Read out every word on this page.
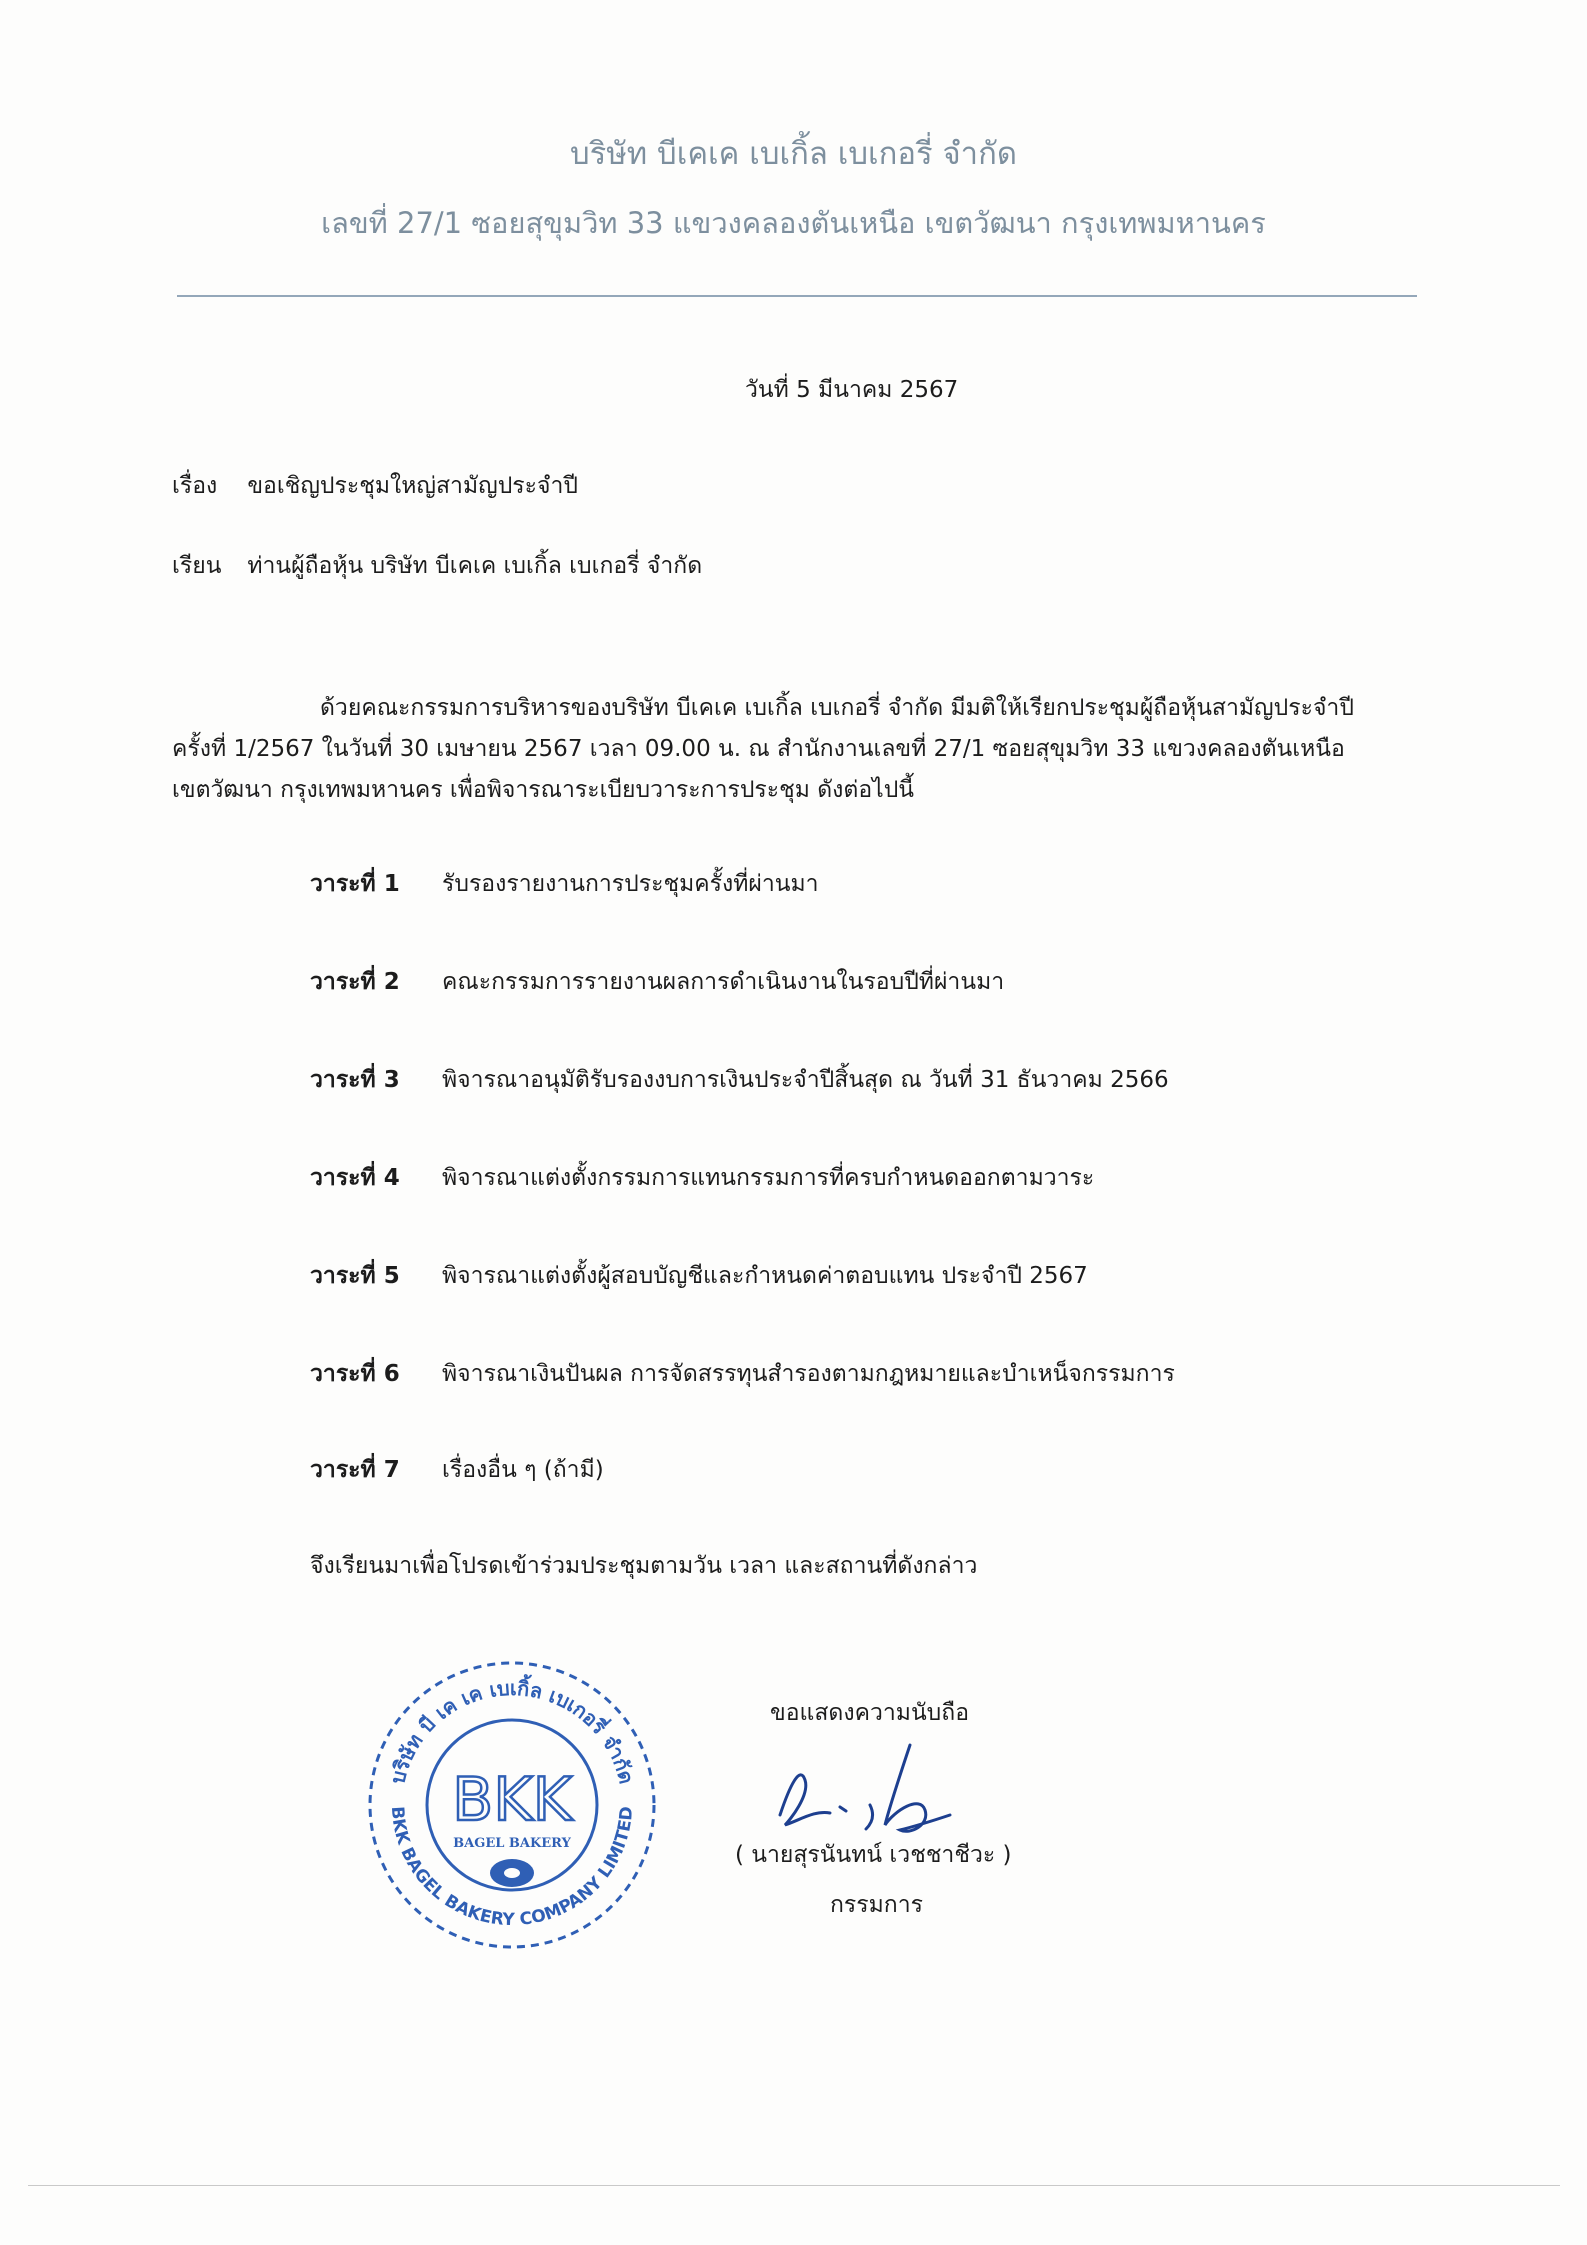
บริษัท บีเคเค เบเกิ้ล เบเกอรี่ จำกัด
เลขที่ 27/1 ซอยสุขุมวิท 33 แขวงคลองตันเหนือ เขตวัฒนา กรุงเทพมหานคร
วันที่ 5 มีนาคม 2567
เรื่อง ขอเชิญประชุมใหญ่สามัญประจำปี
เรียน ท่านผู้ถือหุ้น บริษัท บีเคเค เบเกิ้ล เบเกอรี่ จำกัด
ด้วยคณะกรรมการบริหารของบริษัท บีเคเค เบเกิ้ล เบเกอรี่ จำกัด มีมติให้เรียกประชุมผู้ถือหุ้นสามัญประจำปี
ครั้งที่ 1/2567 ในวันที่ 30 เมษายน 2567 เวลา 09.00 น. ณ สำนักงานเลขที่ 27/1 ซอยสุขุมวิท 33 แขวงคลองตันเหนือ
เขตวัฒนา กรุงเทพมหานคร เพื่อพิจารณาระเบียบวาระการประชุม ดังต่อไปนี้
วาระที่ 1 รับรองรายงานการประชุมครั้งที่ผ่านมา
วาระที่ 2 คณะกรรมการรายงานผลการดำเนินงานในรอบปีที่ผ่านมา
วาระที่ 3 พิจารณาอนุมัติรับรองงบการเงินประจำปีสิ้นสุด ณ วันที่ 31 ธันวาคม 2566
วาระที่ 4 พิจารณาแต่งตั้งกรรมการแทนกรรมการที่ครบกำหนดออกตามวาระ
วาระที่ 5 พิจารณาแต่งตั้งผู้สอบบัญชีและกำหนดค่าตอบแทน ประจำปี 2567
วาระที่ 6 พิจารณาเงินปันผล การจัดสรรทุนสำรองตามกฎหมายและบำเหน็จกรรมการ
วาระที่ 7 เรื่องอื่น ๆ (ถ้ามี)
จึงเรียนมาเพื่อโปรดเข้าร่วมประชุมตามวัน เวลา และสถานที่ดังกล่าว
บริษัท บี เค เค เบเกิ้ล เบเกอรี่ จำกัด
BKK BAGEL BAKERY COMPANY LIMITED
BKK
BAGEL BAKERY
ขอแสดงความนับถือ
( นายสุรนันทน์ เวชชาชีวะ )
กรรมการ
